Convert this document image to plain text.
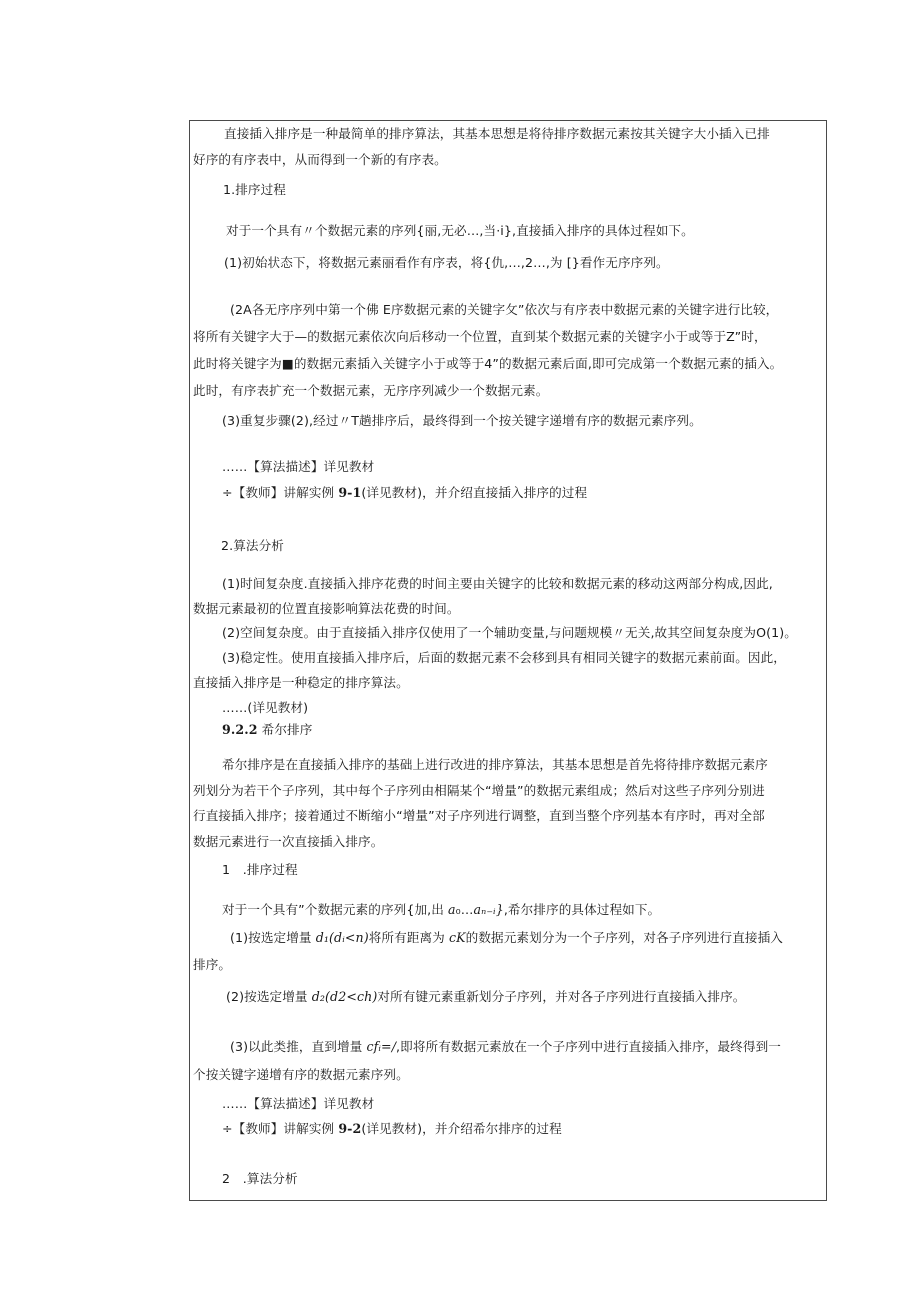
直接插入排序是一种最简单的排序算法，其基本思想是将待排序数据元素按其关键字大小插入已排
好序的有序表中，从而得到一个新的有序表。
1.排序过程
对于一个具有〃个数据元素的序列{丽,无必…,当·i},直接插入排序的具体过程如下。
(1)初始状态下，将数据元素丽看作有序表，将{仇,…,2…,为 [}看作无序序列。
(2A各无序序列中第一个佛 E序数据元素的关键字攵”依次与有序表中数据元素的关键字进行比较，
将所有关键字大于—的数据元素依次向后移动一个位置，直到某个数据元素的关键字小于或等于Z”时，
此时将关键字为■的数据元素插入关键字小于或等于4”的数据元素后面,即可完成第一个数据元素的插入。
此时，有序表扩充一个数据元素，无序序列减少一个数据元素。
(3)重复步骤(2),经过〃T趟排序后，最终得到一个按关键字递增有序的数据元素序列。
……【算法描述】详见教材
÷【教师】讲解实例 9-1(详见教材)，并介绍直接插入排序的过程
2.算法分析
(1)时间复杂度.直接插入排序花费的时间主要由关键字的比较和数据元素的移动这两部分构成,因此,
数据元素最初的位置直接影响算法花费的时间。
(2)空间复杂度。由于直接插入排序仅使用了一个辅助变量,与问题规模〃无关,故其空间复杂度为O(1)。
(3)稳定性。使用直接插入排序后，后面的数据元素不会移到具有相同关键字的数据元素前面。因此，
直接插入排序是一种稳定的排序算法。
……(详见教材)
9.2.2 希尔排序
希尔排序是在直接插入排序的基础上进行改进的排序算法，其基本思想是首先将待排序数据元素序
列划分为若干个子序列，其中每个子序列由相隔某个“增量”的数据元素组成；然后对这些子序列分别进
行直接插入排序；接着通过不断缩小“增量”对子序列进行调整，直到当整个序列基本有序时，再对全部
数据元素进行一次直接插入排序。
1　.排序过程
对于一个具有”个数据元素的序列{加,出 a₀…aₙ₋ᵢ},希尔排序的具体过程如下。
(1)按选定增量 d₁(dᵢ<n)将所有距离为 cK的数据元素划分为一个子序列，对各子序列进行直接插入
排序。
(2)按选定增量 d₂(d2<ch)对所有键元素重新划分子序列，并对各子序列进行直接插入排序。
(3)以此类推，直到增量 cfᵢ=/,即将所有数据元素放在一个子序列中进行直接插入排序，最终得到一
个按关键字递增有序的数据元素序列。
……【算法描述】详见教材
÷【教师】讲解实例 9-2(详见教材)，并介绍希尔排序的过程
2　.算法分析
